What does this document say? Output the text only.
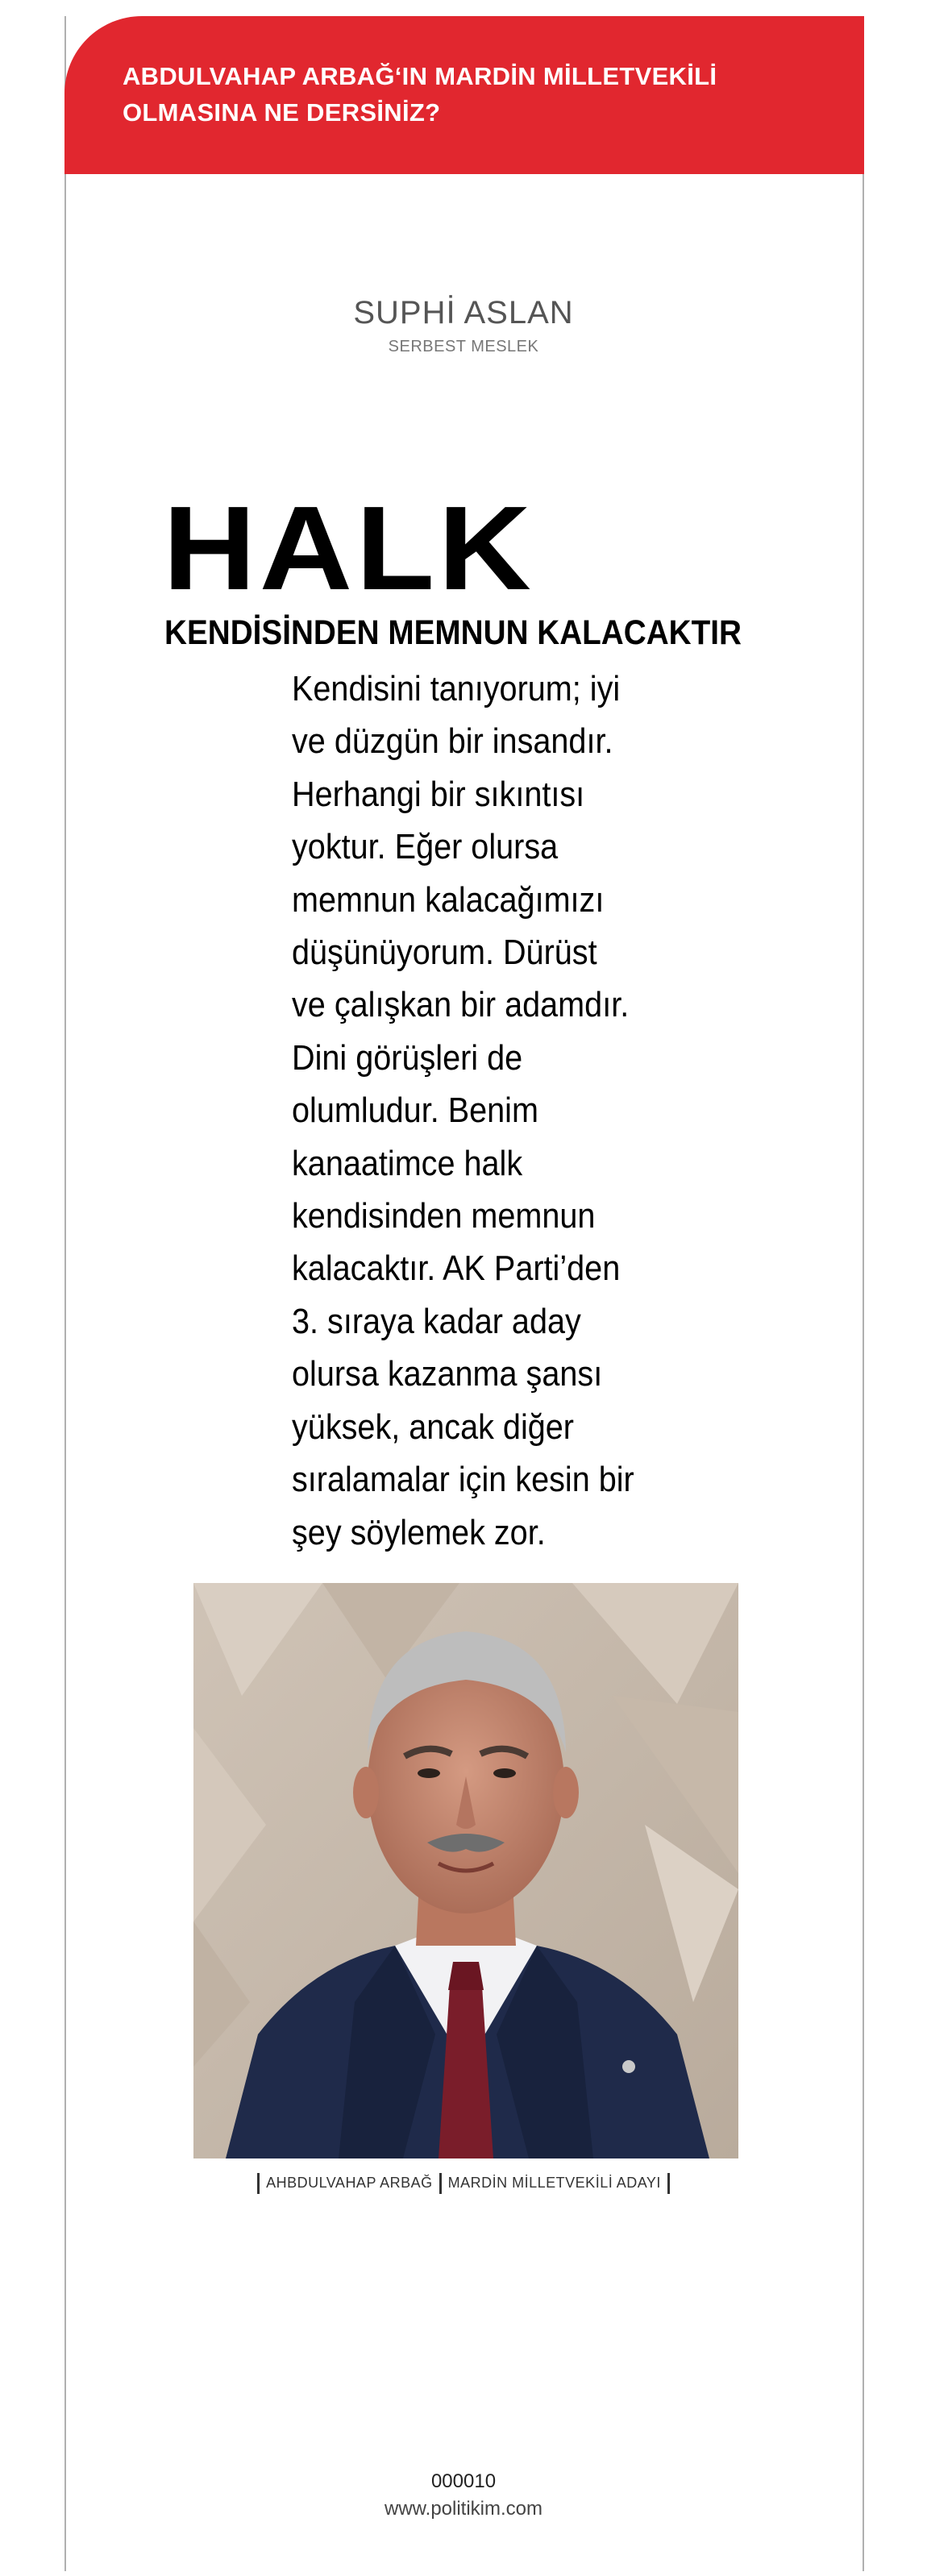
ABDULVAHAP ARBAĞ‘IN MARDİN MİLLETVEKİLİ
OLMASINA NE DERSİNİZ?
SUPHİ ASLAN
SERBEST MESLEK
HALK
KENDİSİNDEN MEMNUN KALACAKTIR
Kendisini tanıyorum; iyi
ve düzgün bir insandır.
Herhangi bir sıkıntısı
yoktur. Eğer olursa
memnun kalacağımızı
düşünüyorum. Dürüst
ve çalışkan bir adamdır.
Dini görüşleri de
olumludur. Benim
kanaatimce halk
kendisinden memnun
kalacaktır. AK Parti’den
3. sıraya kadar aday
olursa kazanma şansı
yüksek, ancak diğer
sıralamalar için kesin bir
şey söylemek zor.
AHBDULVAHAP ARBAĞ MARDİN MİLLETVEKİLİ ADAYI
000010
www.politikim.com
